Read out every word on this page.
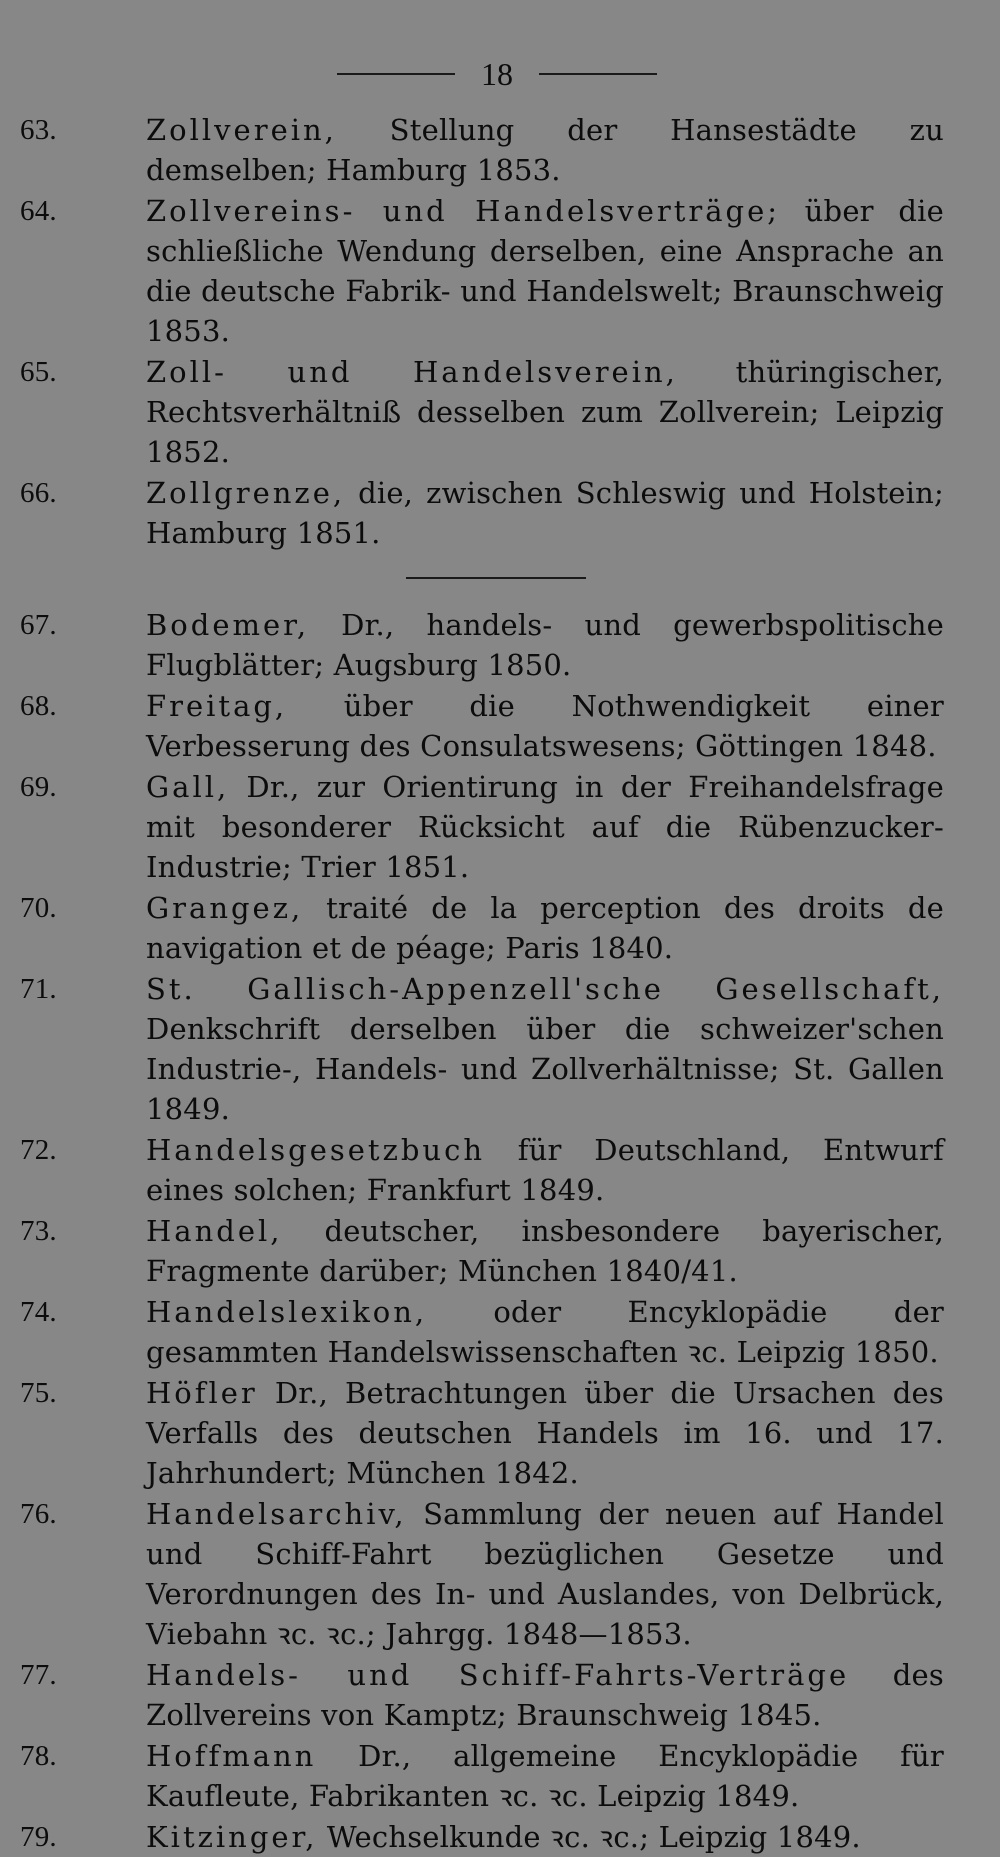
18
63.	Zollverein, Stellung der Hansestädte zu demselben; Hamburg 1853.
64.	Zollvereins- und Handelsverträge; über die schließliche Wendung derselben, eine Ansprache an die deutsche Fabrik- und Handelswelt; Braunschweig 1853.
65.	Zoll- und Handelsverein, thüringischer, Rechtsverhältniß desselben zum Zollverein; Leipzig 1852.
66.	Zollgrenze, die, zwischen Schleswig und Holstein; Hamburg 1851.
67.	Bodemer, Dr., handels- und gewerbspolitische Flugblätter; Augsburg 1850.
68.	Freitag, über die Nothwendigkeit einer Verbesserung des Consulatswesens; Göttingen 1848.
69.	Gall, Dr., zur Orientirung in der Freihandelsfrage mit besonderer Rücksicht auf die Rübenzucker-Industrie; Trier 1851.
70.	Grangez, traité de la perception des droits de navigation et de péage; Paris 1840.
71.	St. Gallisch-Appenzell'sche Gesellschaft, Denkschrift derselben über die schweizer'schen Industrie-, Handels- und Zollverhältnisse; St. Gallen 1849.
72.	Handelsgesetzbuch für Deutschland, Entwurf eines solchen; Frankfurt 1849.
73.	Handel, deutscher, insbesondere bayerischer, Fragmente darüber; München 1840/41.
74.	Handelslexikon, oder Encyklopädie der gesammten Handelswissenschaften ꝛc. Leipzig 1850.
75.	Höfler Dr., Betrachtungen über die Ursachen des Verfalls des deutschen Handels im 16. und 17. Jahrhundert; München 1842.
76.	Handelsarchiv, Sammlung der neuen auf Handel und Schiff-Fahrt bezüglichen Gesetze und Verordnungen des In- und Auslandes, von Delbrück, Viebahn ꝛc. ꝛc.; Jahrgg. 1848—1853.
77.	Handels- und Schiff-Fahrts-Verträge des Zollvereins von Kamptz; Braunschweig 1845.
78.	Hoffmann Dr., allgemeine Encyklopädie für Kaufleute, Fabrikanten ꝛc. ꝛc. Leipzig 1849.
79.	Kitzinger, Wechselkunde ꝛc. ꝛc.; Leipzig 1849.
